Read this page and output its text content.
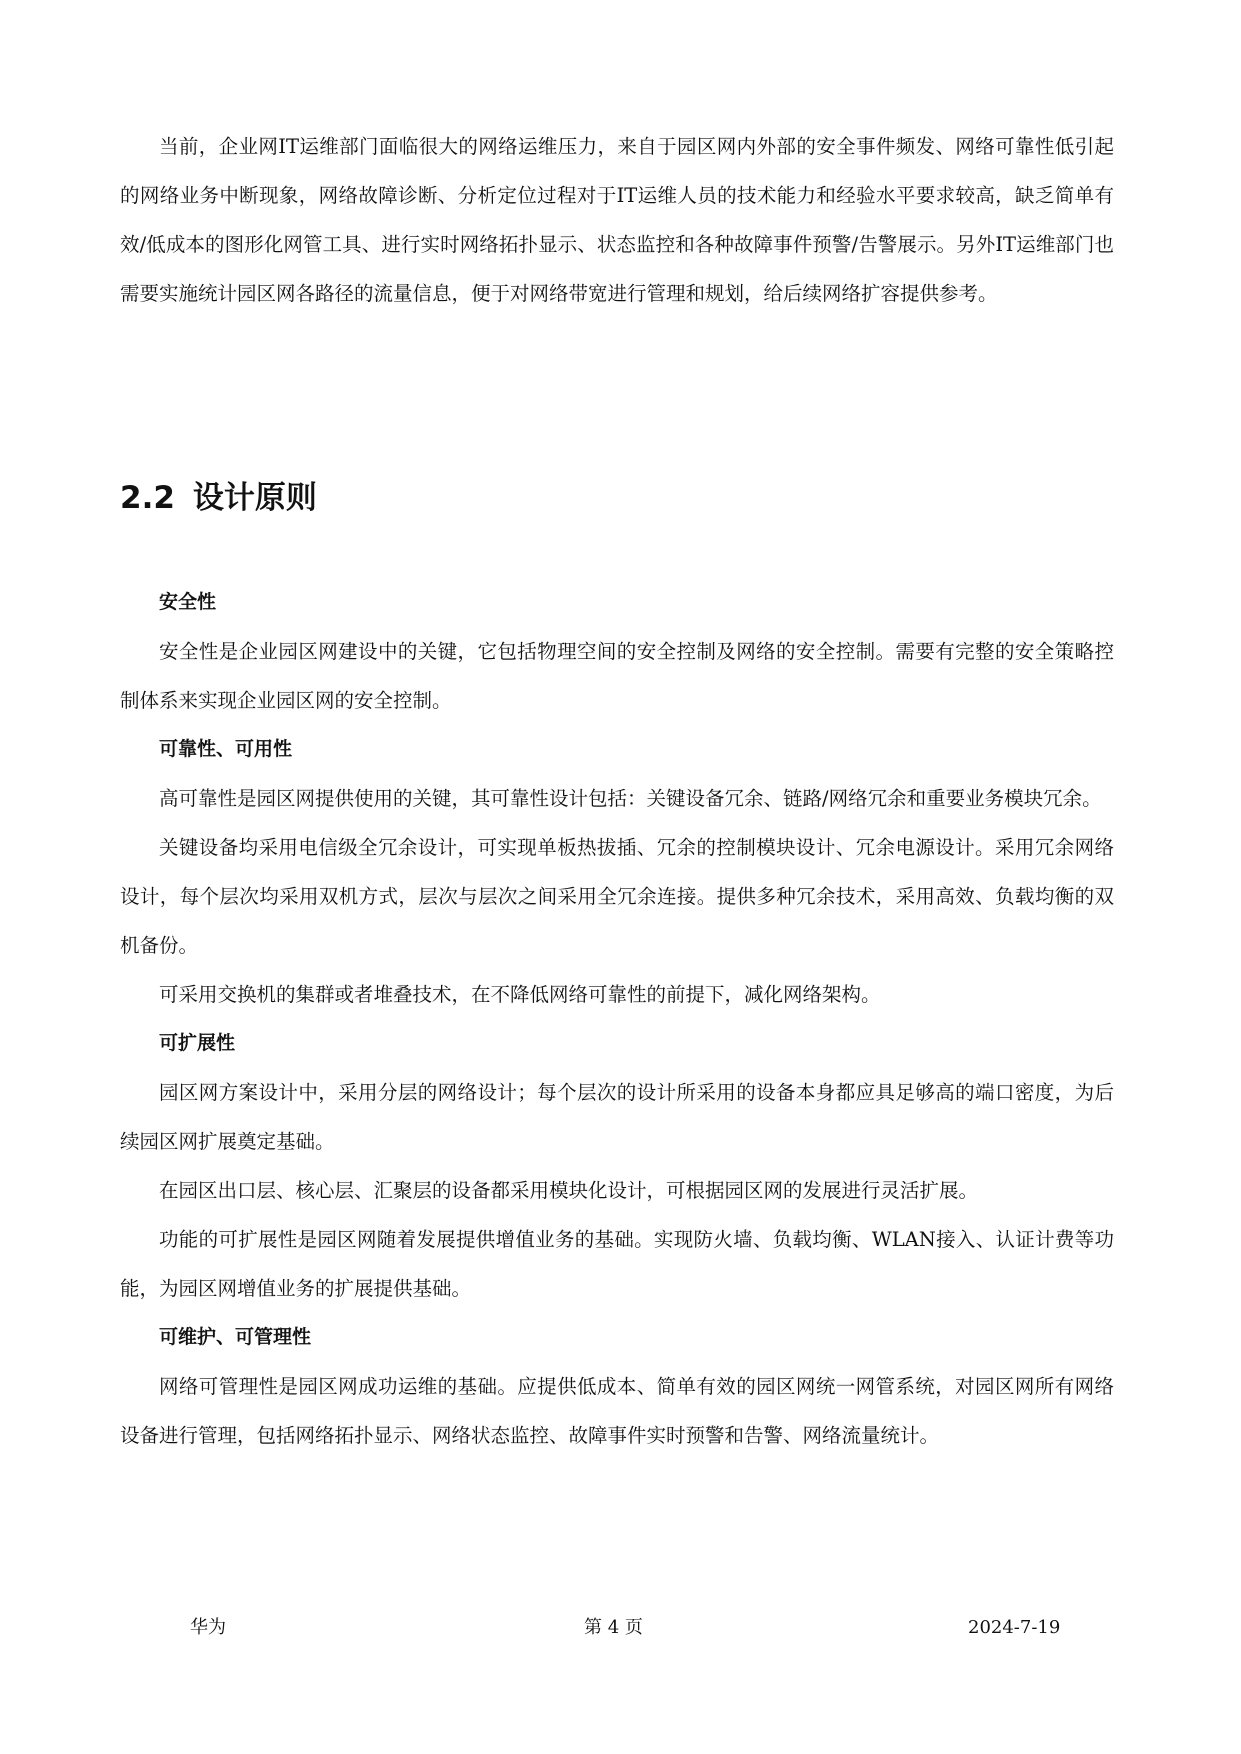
当前，企业网IT运维部门面临很大的网络运维压力，来自于园区网内外部的安全事件频发、网络可靠性低引起的网络业务中断现象，网络故障诊断、分析定位过程对于IT运维人员的技术能力和经验水平要求较高，缺乏简单有效/低成本的图形化网管工具、进行实时网络拓扑显示、状态监控和各种故障事件预警/告警展示。另外IT运维部门也需要实施统计园区网各路径的流量信息，便于对网络带宽进行管理和规划，给后续网络扩容提供参考。

2.2 设计原则

安全性

安全性是企业园区网建设中的关键，它包括物理空间的安全控制及网络的安全控制。需要有完整的安全策略控制体系来实现企业园区网的安全控制。

可靠性、可用性

高可靠性是园区网提供使用的关键，其可靠性设计包括：关键设备冗余、链路/网络冗余和重要业务模块冗余。

关键设备均采用电信级全冗余设计，可实现单板热拔插、冗余的控制模块设计、冗余电源设计。采用冗余网络设计，每个层次均采用双机方式，层次与层次之间采用全冗余连接。提供多种冗余技术，采用高效、负载均衡的双机备份。

可采用交换机的集群或者堆叠技术，在不降低网络可靠性的前提下，减化网络架构。

可扩展性

园区网方案设计中，采用分层的网络设计；每个层次的设计所采用的设备本身都应具足够高的端口密度，为后续园区网扩展奠定基础。

在园区出口层、核心层、汇聚层的设备都采用模块化设计，可根据园区网的发展进行灵活扩展。

功能的可扩展性是园区网随着发展提供增值业务的基础。实现防火墙、负载均衡、WLAN接入、认证计费等功能，为园区网增值业务的扩展提供基础。

可维护、可管理性

网络可管理性是园区网成功运维的基础。应提供低成本、简单有效的园区网统一网管系统，对园区网所有网络设备进行管理，包括网络拓扑显示、网络状态监控、故障事件实时预警和告警、网络流量统计。

华为	第 4 页	2024-7-19
